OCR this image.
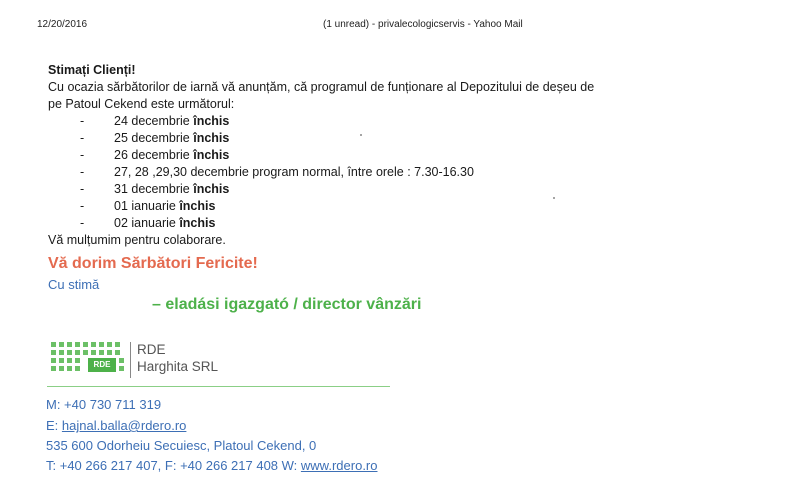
12/20/2016	(1 unread) - privalecologicservis - Yahoo Mail
Stimați Clienți!
Cu ocazia sărbătorilor de iarnă vă anunțăm, că programul de funționare al Depozitului de deșeu de
pe Patoul Cekend este următorul:
- 24 decembrie închis
- 25 decembrie închis
- 26 decembrie închis
- 27, 28 ,29,30 decembrie program normal, între orele : 7.30-16.30
- 31 decembrie închis
- 01 ianuarie închis
- 02 ianuarie închis
Vă mulțumim pentru colaborare.
Vă dorim Sărbători Fericite!
Cu stimă
– eladási igazgató / director vânzări
RDE
RDE
Harghita SRL
M: +40 730 711 319
E: hajnal.balla@rdero.ro
535 600 Odorheiu Secuiesc, Platoul Cekend, 0
T: +40 266 217 407, F: +40 266 217 408 W: www.rdero.ro
